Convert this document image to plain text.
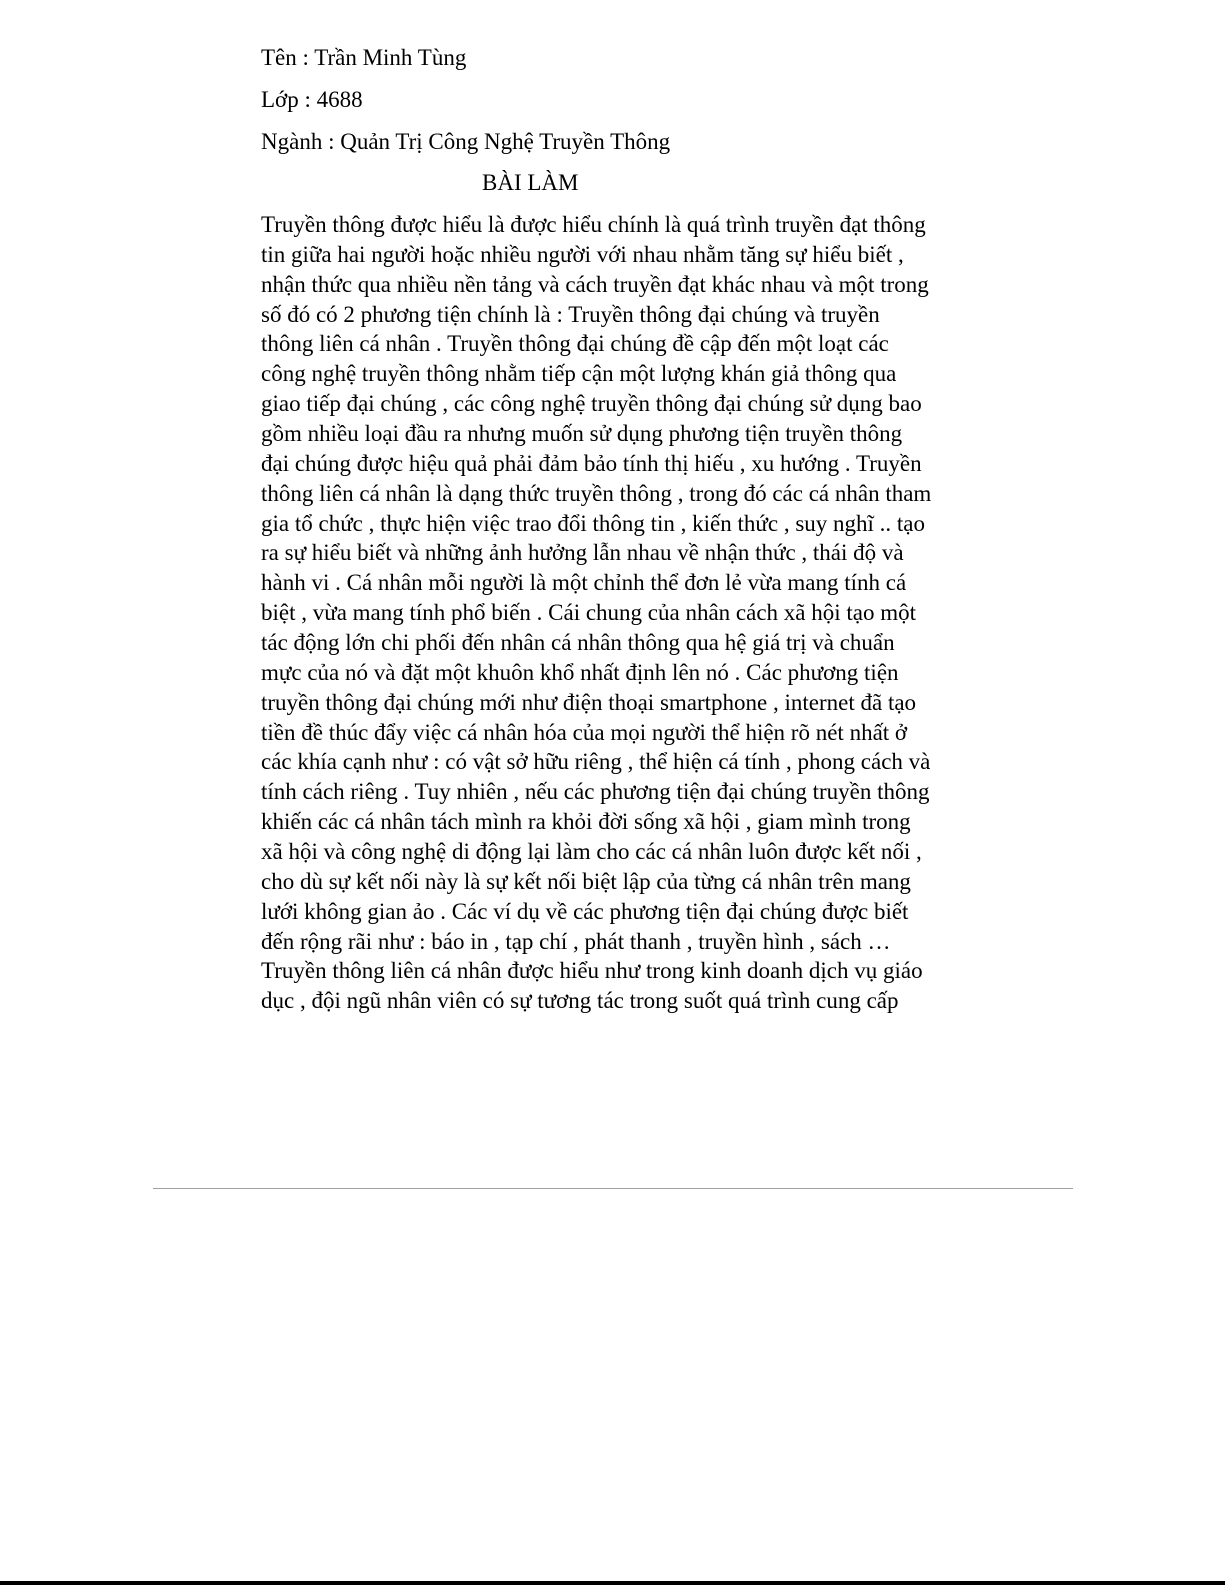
Tên : Trần Minh Tùng
Lớp : 4688
Ngành : Quản Trị Công Nghệ Truyền Thông
BÀI LÀM
Truyền thông được hiểu là được hiểu chính là quá trình truyền đạt thông
tin giữa hai người hoặc nhiều người với nhau nhằm tăng sự hiểu biết ,
nhận thức qua nhiều nền tảng và cách truyền đạt khác nhau và một trong
số đó có 2 phương tiện chính là : Truyền thông đại chúng và truyền
thông liên cá nhân . Truyền thông đại chúng đề cập đến một loạt các
công nghệ truyền thông nhằm tiếp cận một lượng khán giả thông qua
giao tiếp đại chúng , các công nghệ truyền thông đại chúng sử dụng bao
gồm nhiều loại đầu ra nhưng muốn sử dụng phương tiện truyền thông
đại chúng được hiệu quả phải đảm bảo tính thị hiếu , xu hướng . Truyền
thông liên cá nhân là dạng thức truyền thông , trong đó các cá nhân tham
gia tổ chức , thực hiện việc trao đổi thông tin , kiến thức , suy nghĩ .. tạo
ra sự hiểu biết và những ảnh hưởng lẫn nhau về nhận thức , thái độ và
hành vi . Cá nhân mỗi người là một chỉnh thể đơn lẻ vừa mang tính cá
biệt , vừa mang tính phổ biến . Cái chung của nhân cách xã hội tạo một
tác động lớn chi phối đến nhân cá nhân thông qua hệ giá trị và chuẩn
mực của nó và đặt một khuôn khổ nhất định lên nó . Các phương tiện
truyền thông đại chúng mới như điện thoại smartphone , internet đã tạo
tiền đề thúc đẩy việc cá nhân hóa của mọi người thể hiện rõ nét nhất ở
các khía cạnh như : có vật sở hữu riêng , thể hiện cá tính , phong cách và
tính cách riêng . Tuy nhiên , nếu các phương tiện đại chúng truyền thông
khiến các cá nhân tách mình ra khỏi đời sống xã hội , giam mình trong
xã hội và công nghệ di động lại làm cho các cá nhân luôn được kết nối ,
cho dù sự kết nối này là sự kết nối biệt lập của từng cá nhân trên mang
lưới không gian ảo . Các ví dụ về các phương tiện đại chúng được biết
đến rộng rãi như : báo in , tạp chí , phát thanh , truyền hình , sách …
Truyền thông liên cá nhân được hiểu như trong kinh doanh dịch vụ giáo
dục , đội ngũ nhân viên có sự tương tác trong suốt quá trình cung cấp
